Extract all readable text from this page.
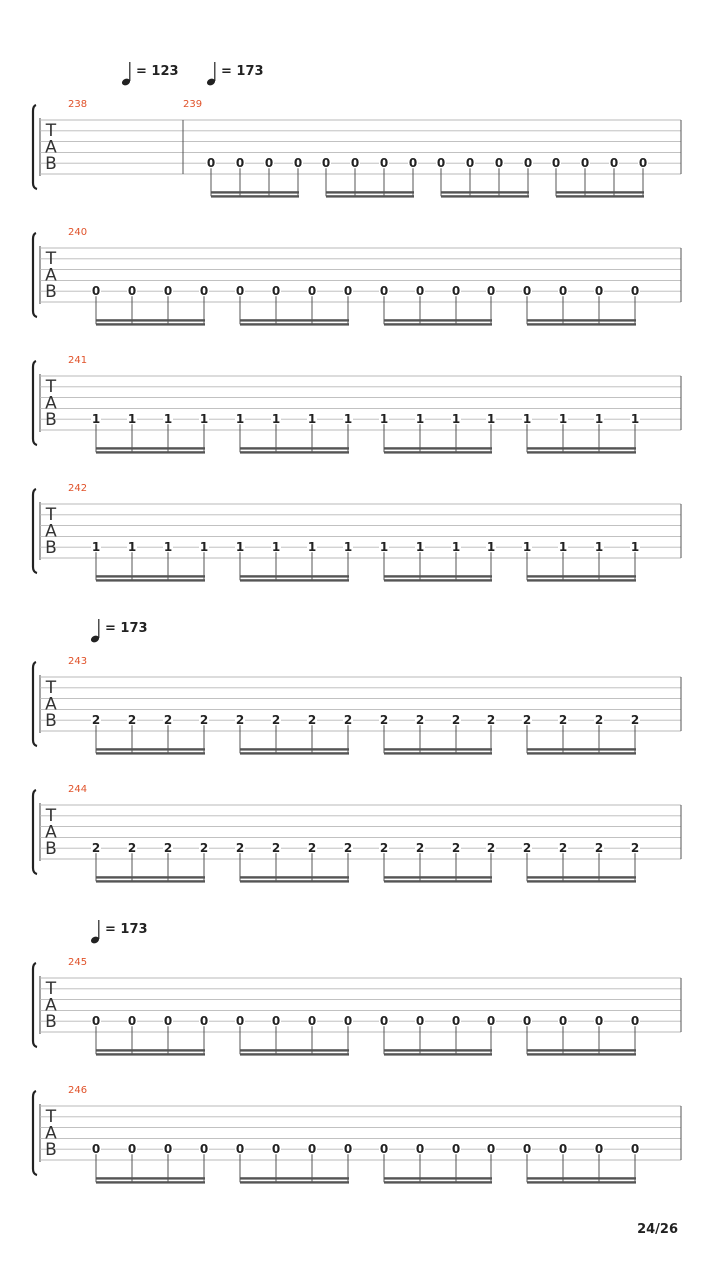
= 123	= 173
T
A
B
238	239
0 0 0 0 0 0 0 0 0 0 0 0 0 0 0 0
T
A
B
240
0 0 0 0 0 0 0 0 0 0 0 0 0 0 0 0
T
A
B
241
1 1 1 1 1 1 1 1 1 1 1 1 1 1 1 1
T
A
B
242
1 1 1 1 1 1 1 1 1 1 1 1 1 1 1 1
= 173
T
A
B
243
2 2 2 2 2 2 2 2 2 2 2 2 2 2 2 2
T
A
B
244
2 2 2 2 2 2 2 2 2 2 2 2 2 2 2 2
= 173
T
A
B
245
0 0 0 0 0 0 0 0 0 0 0 0 0 0 0 0
T
A
B
246
0 0 0 0 0 0 0 0 0 0 0 0 0 0 0 0
24/26
